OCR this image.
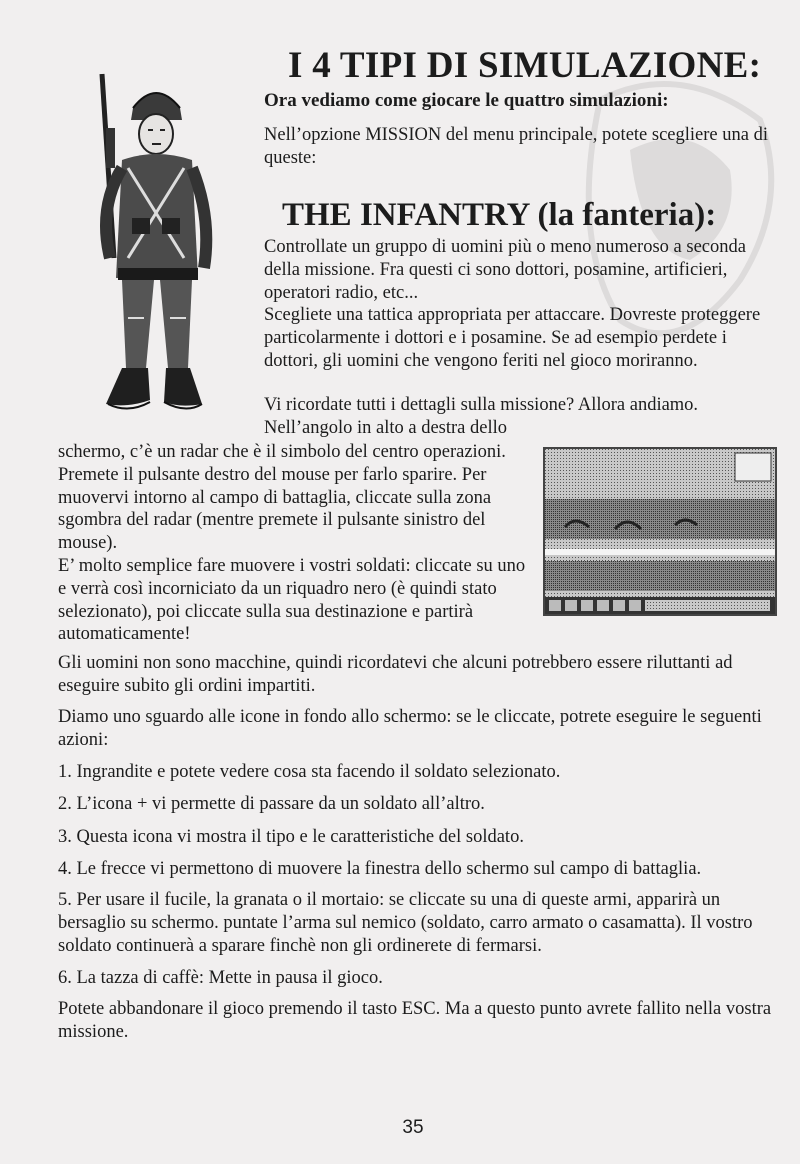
I 4 TIPI DI SIMULAZIONE:
Ora vediamo come giocare le quattro simulazioni:
Nell’opzione MISSION del menu principale, potete scegliere una di queste:
THE INFANTRY (la fanteria):
Controllate un gruppo di uomini più o meno numeroso a seconda della missione. Fra questi ci sono dottori, posamine, artificieri, operatori radio, etc...
Scegliete una tattica appropriata per attaccare. Dovreste proteggere particolarmente i dottori e i posamine. Se ad esempio perdete i dottori, gli uomini che vengono feriti nel gioco moriranno.
Vi ricordate tutti i dettagli sulla missione? Allora andiamo.
Nell’angolo in alto a destra dello
schermo, c’è un radar che è il simbolo del centro operazioni. Premete il pulsante destro del mouse per farlo sparire. Per muovervi intorno al campo di battaglia, cliccate sulla zona sgombra del radar (mentre premete il pulsante sinistro del mouse).
E’ molto semplice fare muovere i vostri soldati: cliccate su uno e verrà così incorniciato da un riquadro nero (è quindi stato selezionato), poi cliccate sulla sua destinazione e partirà automaticamente!
Gli uomini non sono macchine, quindi ricordatevi che alcuni potrebbero essere riluttanti ad eseguire subito gli ordini impartiti.
Diamo uno sguardo alle icone in fondo allo schermo: se le cliccate, potrete eseguire le seguenti azioni:
1. Ingrandite e potete vedere cosa sta facendo il soldato selezionato.
2. L’icona + vi permette di passare da un soldato all’altro.
3. Questa icona vi mostra il tipo e le caratteristiche del soldato.
4. Le frecce vi permettono di muovere la finestra dello schermo sul campo di battaglia.
5. Per usare il fucile, la granata o il mortaio: se cliccate su una di queste armi, apparirà un bersaglio su schermo. puntate l’arma sul nemico (soldato, carro armato o casamatta). Il vostro soldato continuerà a sparare finchè non gli ordinerete di fermarsi.
6. La tazza di caffè: Mette in pausa il gioco.
Potete abbandonare il gioco premendo il tasto ESC. Ma a questo punto avrete fallito nella vostra missione.
35
